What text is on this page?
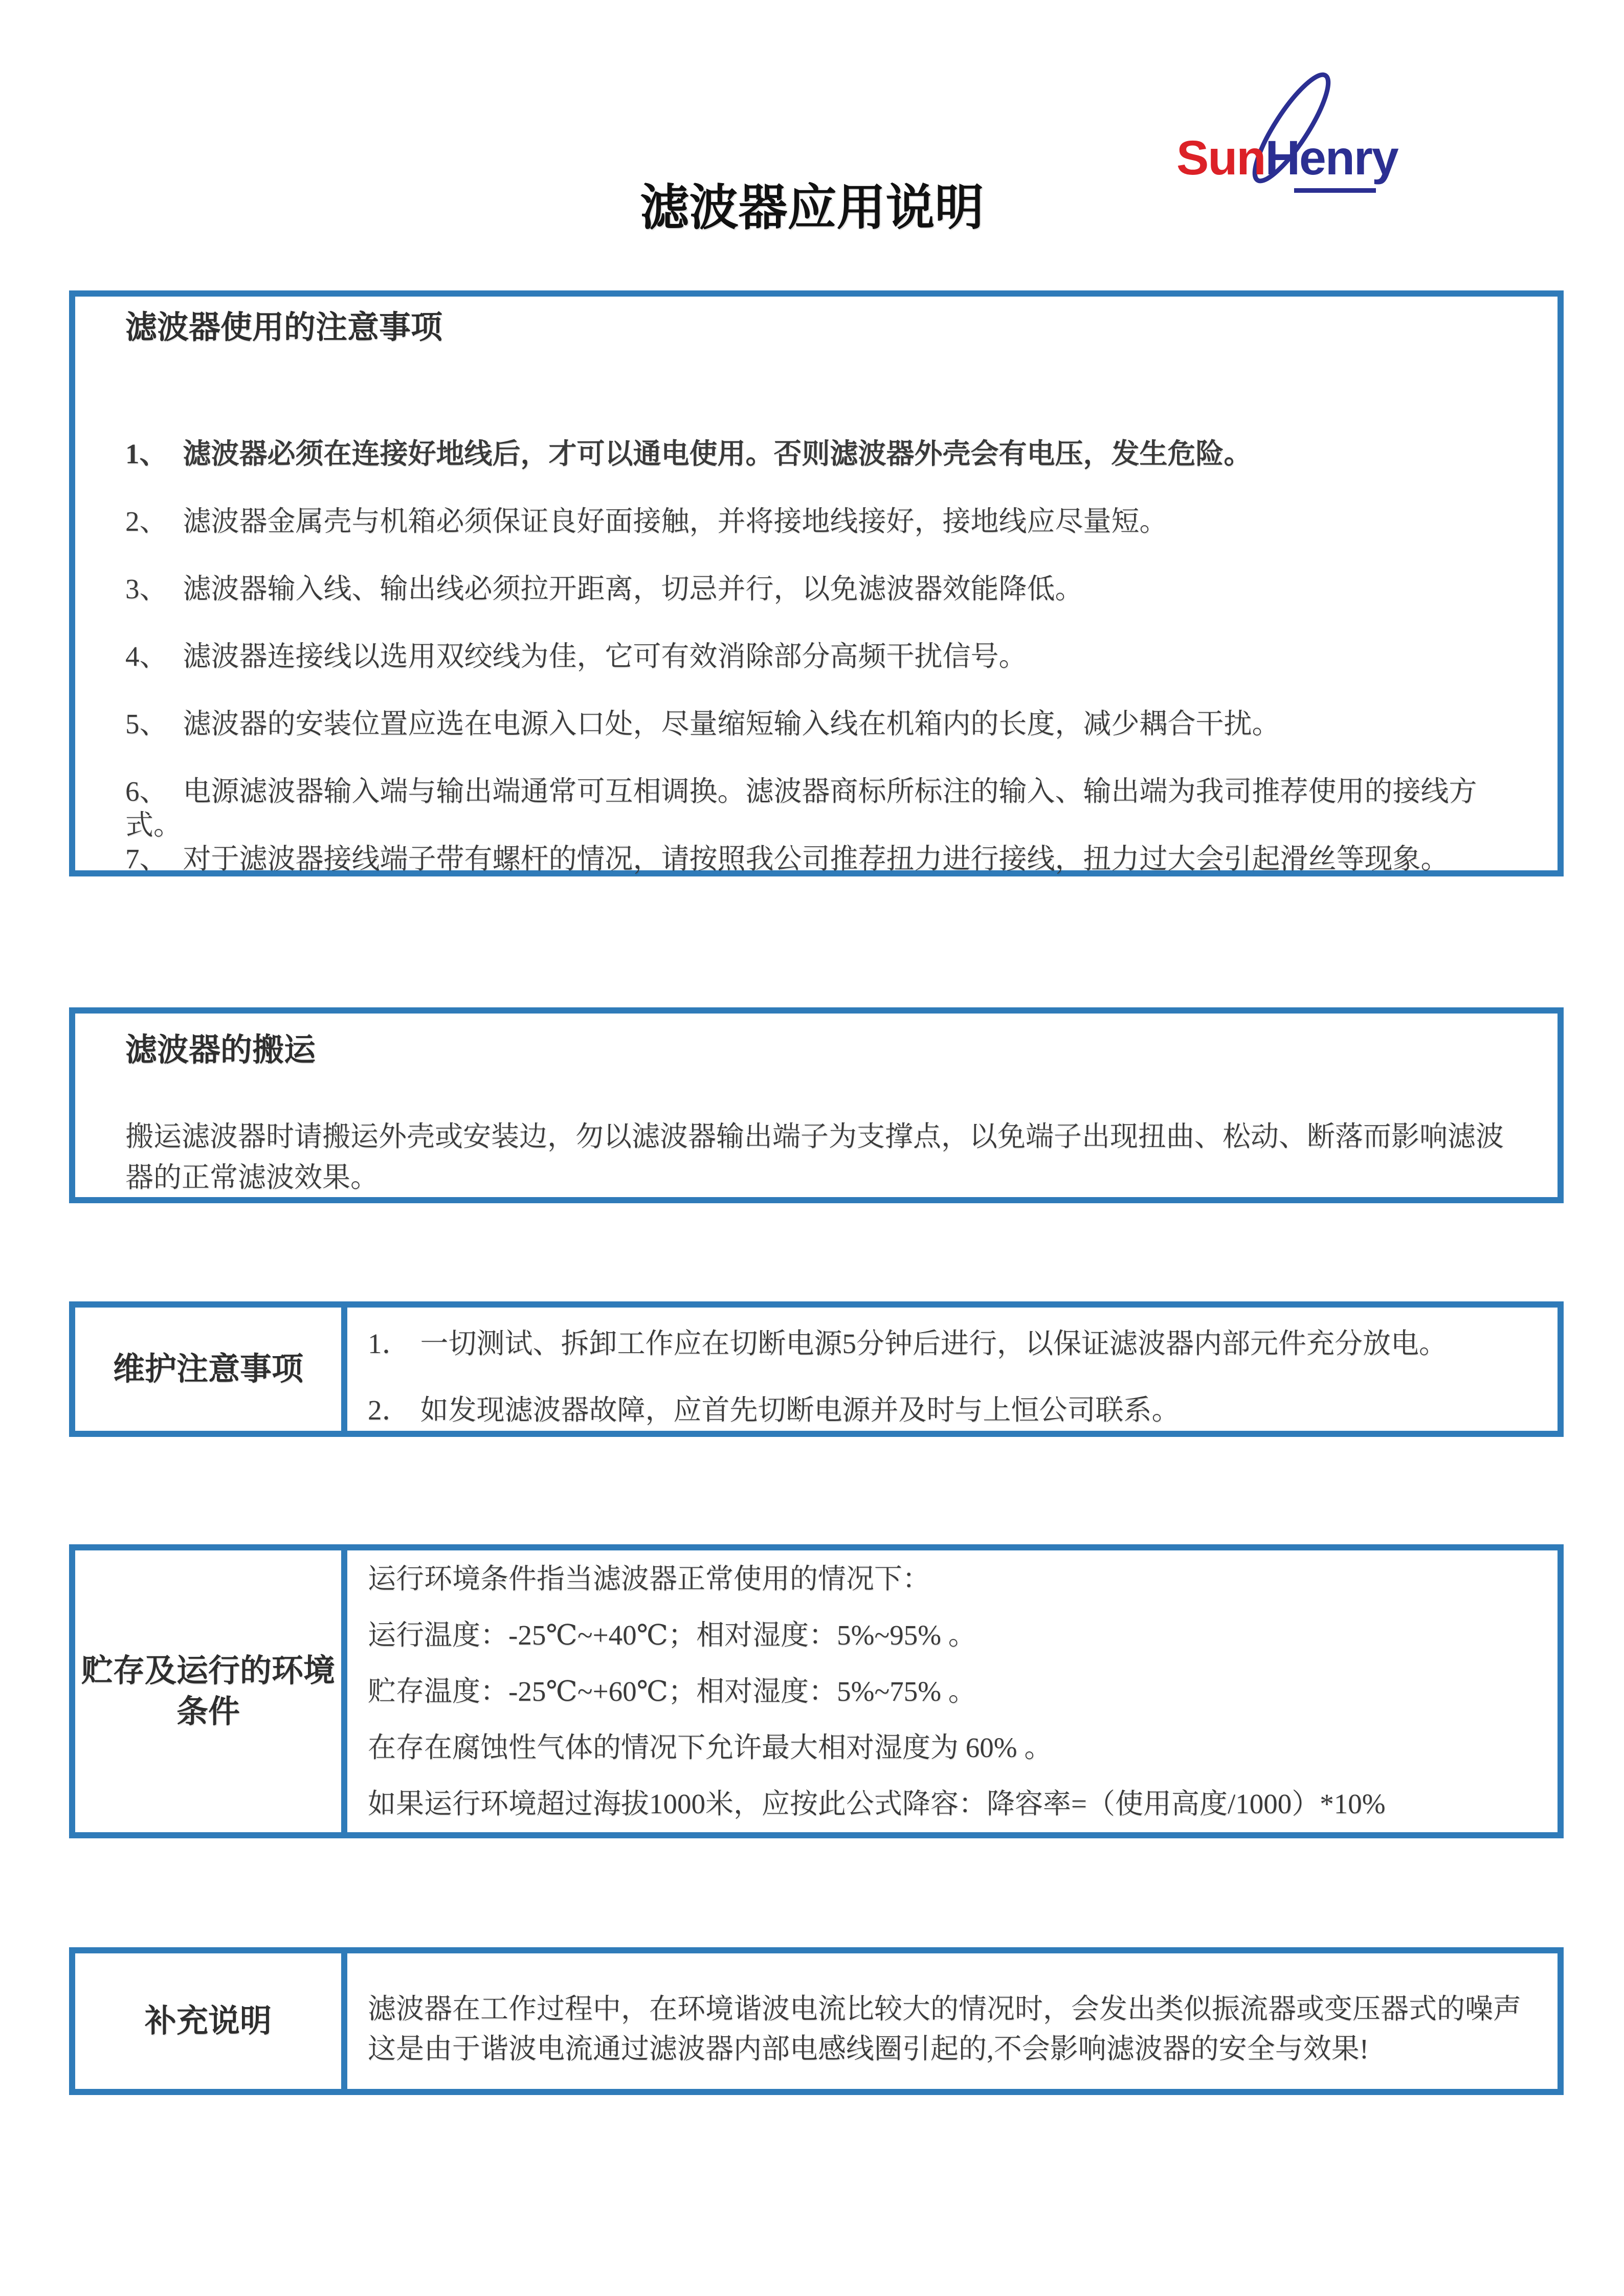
SunHenry
滤波器应用说明
滤波器使用的注意事项

1、 滤波器必须在连接好地线后，才可以通电使用。否则滤波器外壳会有电压，发生危险。

2、 滤波器金属壳与机箱必须保证良好面接触，并将接地线接好，接地线应尽量短。

3、 滤波器输入线、输出线必须拉开距离，切忌并行，以免滤波器效能降低。

4、 滤波器连接线以选用双绞线为佳，它可有效消除部分高频干扰信号。

5、 滤波器的安装位置应选在电源入口处，尽量缩短输入线在机箱内的长度，减少耦合干扰。

6、 电源滤波器输入端与输出端通常可互相调换。滤波器商标所标注的输入、输出端为我司推荐使用的接线方式。

7、 对于滤波器接线端子带有螺杆的情况，请按照我公司推荐扭力进行接线，扭力过大会引起滑丝等现象。

滤波器的搬运

搬运滤波器时请搬运外壳或安装边，勿以滤波器输出端子为支撑点，以免端子出现扭曲、松动、断落而影响滤波器的正常滤波效果。

维护注意事项

1． 一切测试、拆卸工作应在切断电源5分钟后进行，以保证滤波器内部元件充分放电。

2． 如发现滤波器故障，应首先切断电源并及时与上恒公司联系。

贮存及运行的环境条件

运行环境条件指当滤波器正常使用的情况下：

运行温度：-25℃~+40℃；相对湿度：5%~95% 。

贮存温度：-25℃~+60℃；相对湿度：5%~75% 。

在存在腐蚀性气体的情况下允许最大相对湿度为 60% 。

如果运行环境超过海拔1000米，应按此公式降容：降容率=（使用高度/1000）*10%

补充说明	滤波器在工作过程中，在环境谐波电流比较大的情况时，会发出类似振流器或变压器式的噪声 这是由于谐波电流通过滤波器内部电感线圈引起的,不会影响滤波器的安全与效果!
